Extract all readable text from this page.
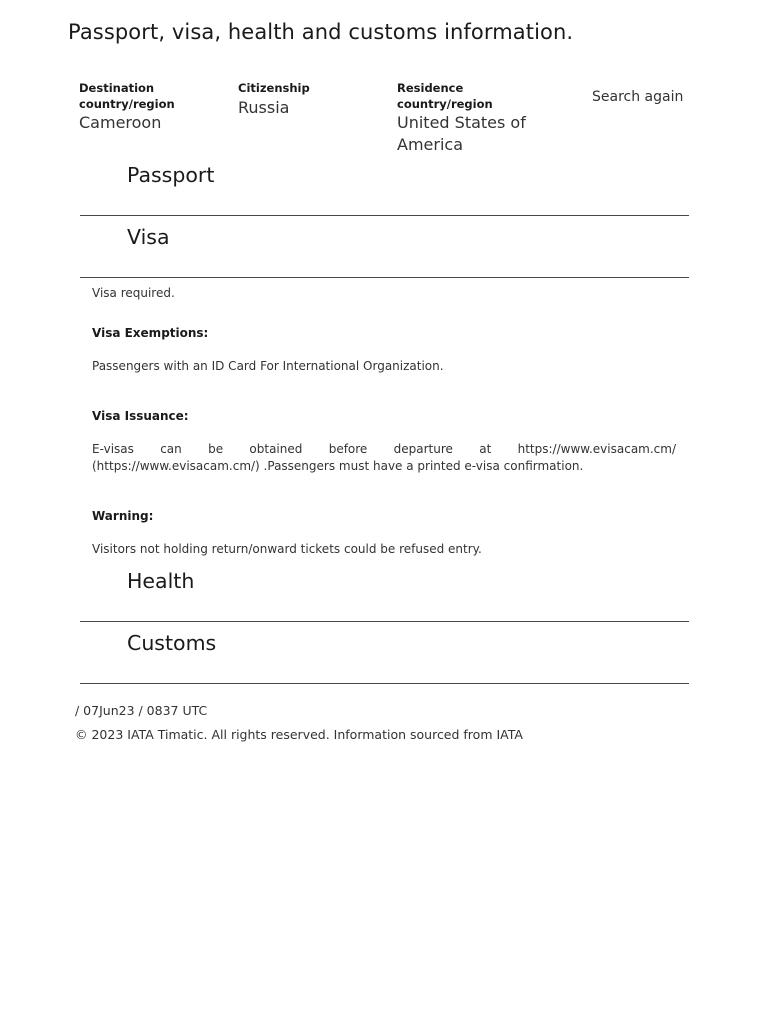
Passport, visa, health and customs information.
Destination country/region
Cameroon
Citizenship
Russia
Residence country/region
United States of America
Search again
Passport
Visa

Visa required.

Visa Exemptions:

Passengers with an ID Card For International Organization.

Visa Issuance:

E-visas can be obtained before departure at https://www.evisacam.cm/ (https://www.evisacam.cm/) .Passengers must have a printed e-visa confirmation.

Warning:

Visitors not holding return/onward tickets could be refused entry.

Health
Customs
/ 07Jun23 / 0837 UTC
© 2023 IATA Timatic. All rights reserved. Information sourced from IATA
